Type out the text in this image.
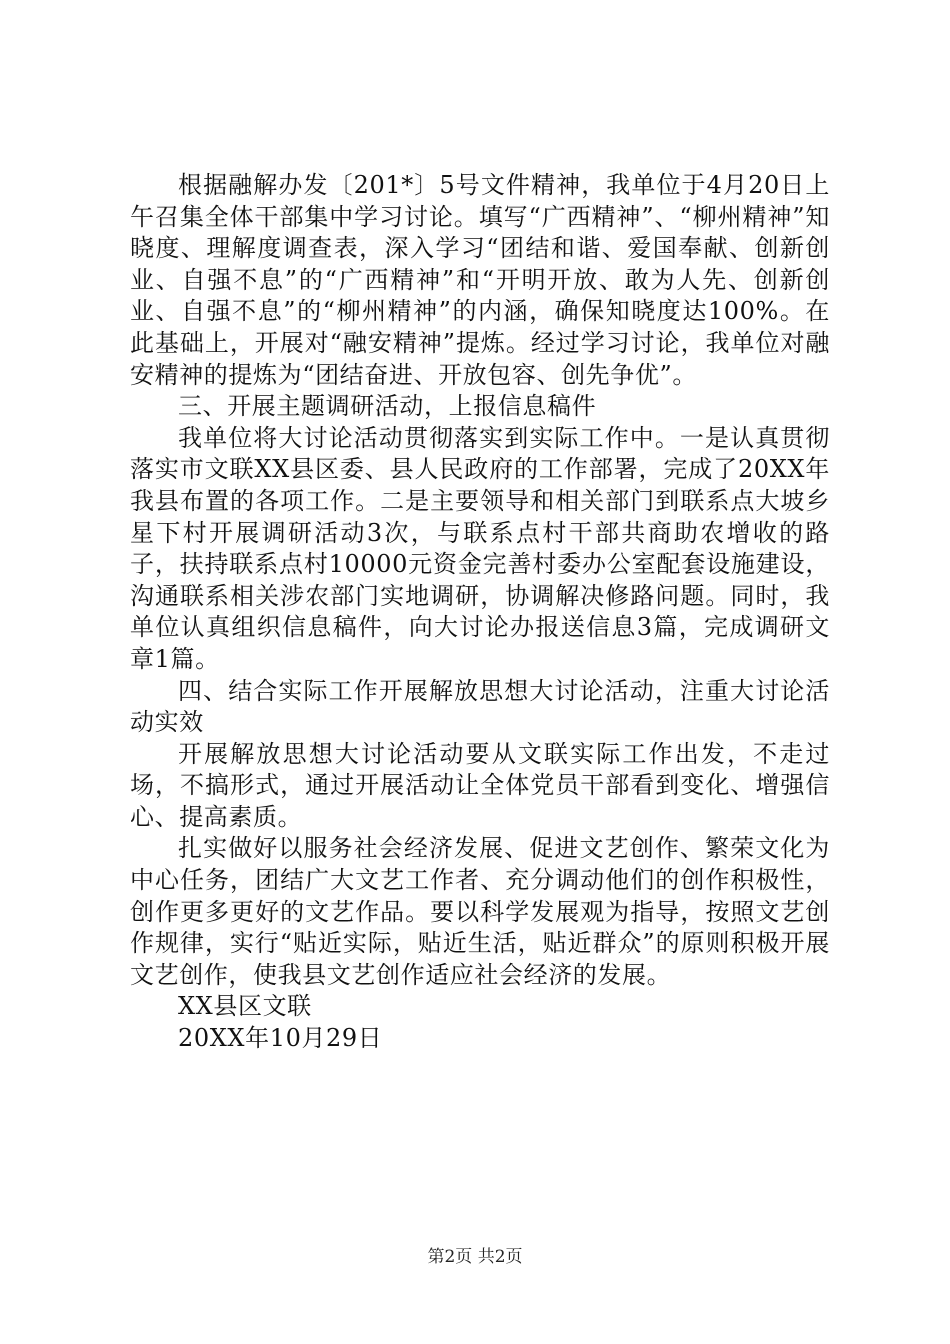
根据融解办发〔201*〕5号文件精神，我单位于4月20日上午召集全体干部集中学习讨论。填写“广西精神”、“柳州精神”知晓度、理解度调查表，深入学习“团结和谐、爱国奉献、创新创业、自强不息”的“广西精神”和“开明开放、敢为人先、创新创业、自强不息”的“柳州精神”的内涵，确保知晓度达100%。在此基础上，开展对“融安精神”提炼。经过学习讨论，我单位对融安精神的提炼为“团结奋进、开放包容、创先争优”。

三、开展主题调研活动，上报信息稿件

我单位将大讨论活动贯彻落实到实际工作中。一是认真贯彻落实市文联XX县区委、县人民政府的工作部署，完成了20XX年我县布置的各项工作。二是主要领导和相关部门到联系点大坡乡星下村开展调研活动3次，与联系点村干部共商助农增收的路子，扶持联系点村10000元资金完善村委办公室配套设施建设，沟通联系相关涉农部门实地调研，协调解决修路问题。同时，我单位认真组织信息稿件，向大讨论办报送信息3篇，完成调研文章1篇。

四、结合实际工作开展解放思想大讨论活动，注重大讨论活动实效

开展解放思想大讨论活动要从文联实际工作出发，不走过场，不搞形式，通过开展活动让全体党员干部看到变化、增强信心、提高素质。

扎实做好以服务社会经济发展、促进文艺创作、繁荣文化为中心任务，团结广大文艺工作者、充分调动他们的创作积极性，创作更多更好的文艺作品。要以科学发展观为指导，按照文艺创作规律，实行“贴近实际，贴近生活，贴近群众”的原则积极开展文艺创作，使我县文艺创作适应社会经济的发展。

XX县区文联

20XX年10月29日

第2页 共2页
